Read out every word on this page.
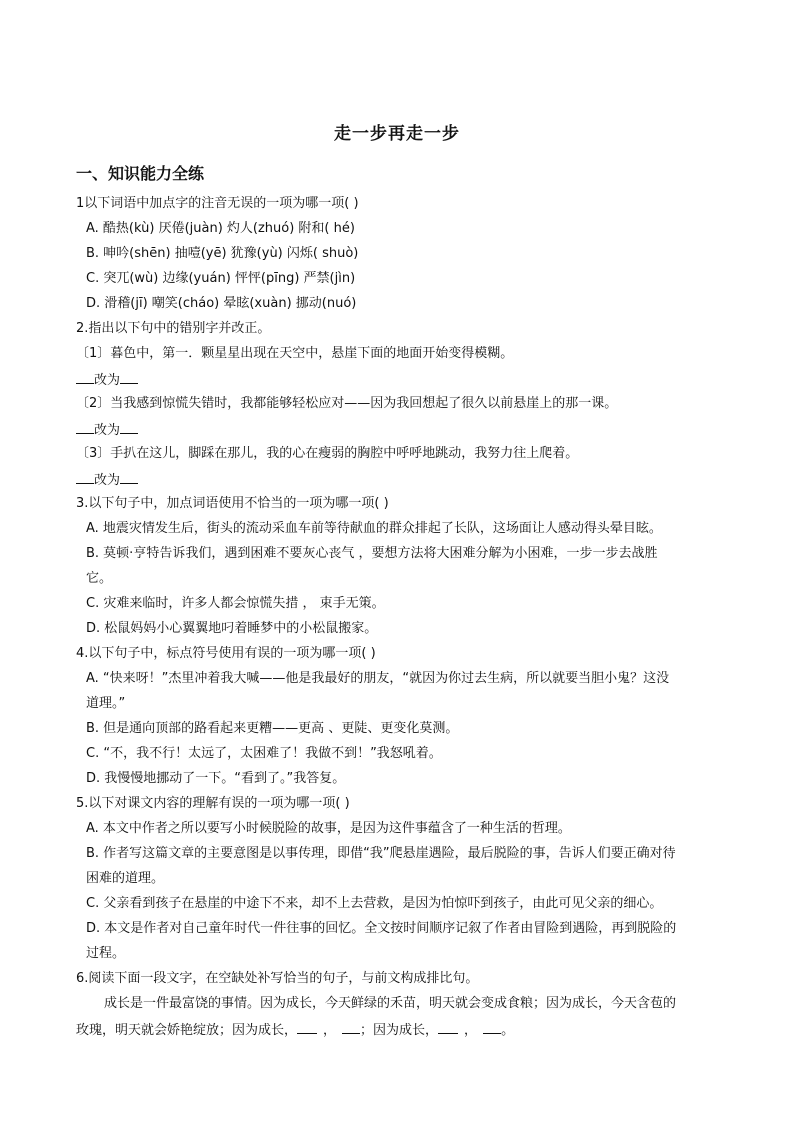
走一步再走一步
一、知识能力全练
1以下词语中加点字的注音无误的一项为哪一项( )
A. 酷热(kù) 厌倦(juàn) 灼人(zhuó) 附和( hé)
B. 呻吟(shēn) 抽噎(yē) 犹豫(yù) 闪烁( shuò)
C. 突兀(wù) 边缘(yuán) 怦怦(pīng) 严禁(jìn)
D. 滑稽(jī) 嘲笑(cháo) 晕眩(xuàn) 挪动(nuó)
2.指出以下句中的错别字并改正。
〔1〕暮色中，第一．颗星星出现在天空中，悬崖下面的地面开始变得模糊。
改为
〔2〕当我感到惊慌失错时，我都能够轻松应对——因为我回想起了很久以前悬崖上的那一课。
改为
〔3〕手扒在这儿，脚踩在那儿，我的心在瘦弱的胸腔中呼呼地跳动，我努力往上爬着。
改为
3.以下句子中，加点词语使用不恰当的一项为哪一项( )
A. 地震灾情发生后，街头的流动采血车前等待献血的群众排起了长队，这场面让人感动得头晕目眩。
B. 莫顿·亨特告诉我们，遇到困难不要灰心丧气 ，要想方法将大困难分解为小困难，一步一步去战胜
它。
C. 灾难来临时，许多人都会惊慌失措 ， 束手无策。
D. 松鼠妈妈小心翼翼地叼着睡梦中的小松鼠搬家。
4.以下句子中，标点符号使用有误的一项为哪一项( )
A. “快来呀！”杰里冲着我大喊——他是我最好的朋友，“就因为你过去生病，所以就要当胆小鬼？这没
道理。”
B. 但是通向顶部的路看起来更糟——更高 、更陡、更变化莫测。
C. “不，我不行！太远了，太困难了！我做不到！”我怒吼着。
D. 我慢慢地挪动了一下。“看到了。”我答复。
5.以下对课文内容的理解有误的一项为哪一项( )
A. 本文中作者之所以要写小时候脱险的故事，是因为这件事蕴含了一种生活的哲理。
B. 作者写这篇文章的主要意图是以事传理，即借“我”爬悬崖遇险，最后脱险的事，告诉人们要正确对待
困难的道理。
C. 父亲看到孩子在悬崖的中途下不来，却不上去营救，是因为怕惊吓到孩子，由此可见父亲的细心。
D. 本文是作者对自己童年时代一件往事的回忆。全文按时间顺序记叙了作者由冒险到遇险，再到脱险的
过程。
6.阅读下面一段文字，在空缺处补写恰当的句子，与前文构成排比句。
成长是一件最富饶的事情。因为成长，今天鲜绿的禾苗，明天就会变成食粮；因为成长，今天含苞的
玫瑰，明天就会娇艳绽放；因为成长， ， ；因为成长， ， 。
